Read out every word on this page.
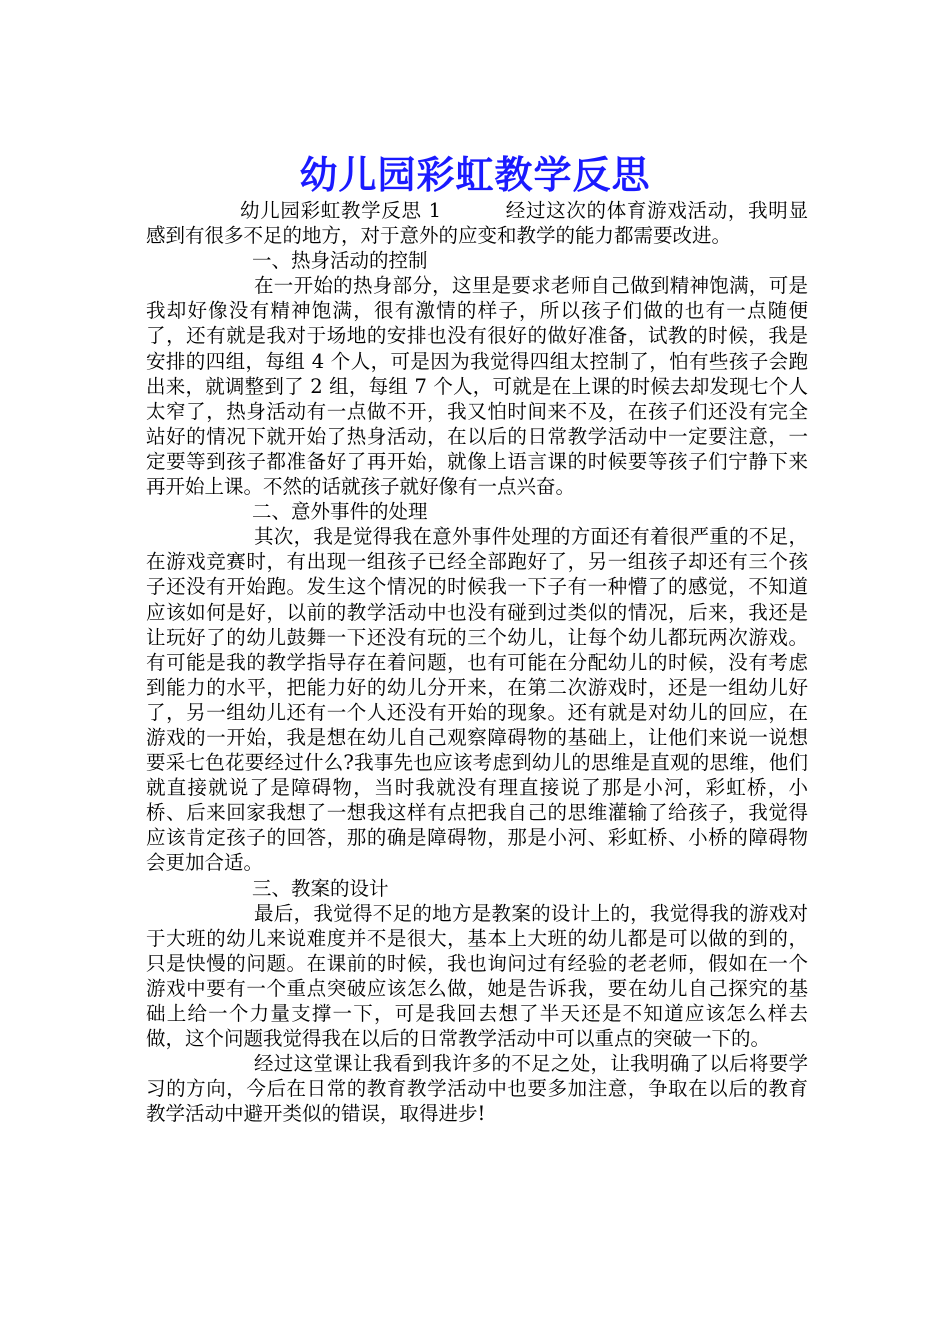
幼儿园彩虹教学反思

幼儿园彩虹教学反思 1	经过这次的体育游戏活动，我明显感到有很多不足的地方，对于意外的应变和教学的能力都需要改进。

一、热身活动的控制

在一开始的热身部分，这里是要求老师自己做到精神饱满，可是我却好像没有精神饱满，很有激情的样子，所以孩子们做的也有一点随便了，还有就是我对于场地的安排也没有很好的做好准备，试教的时候，我是安排的四组，每组 4 个人，可是因为我觉得四组太控制了，怕有些孩子会跑出来，就调整到了 2 组，每组 7 个人，可就是在上课的时候去却发现七个人太窄了，热身活动有一点做不开，我又怕时间来不及，在孩子们还没有完全站好的情况下就开始了热身活动，在以后的日常教学活动中一定要注意，一定要等到孩子都准备好了再开始，就像上语言课的时候要等孩子们宁静下来再开始上课。不然的话就孩子就好像有一点兴奋。

二、意外事件的处理

其次，我是觉得我在意外事件处理的方面还有着很严重的不足，在游戏竞赛时，有出现一组孩子已经全部跑好了，另一组孩子却还有三个孩子还没有开始跑。发生这个情况的时候我一下子有一种懵了的感觉，不知道应该如何是好，以前的教学活动中也没有碰到过类似的情况，后来，我还是让玩好了的幼儿鼓舞一下还没有玩的三个幼儿，让每个幼儿都玩两次游戏。有可能是我的教学指导存在着问题，也有可能在分配幼儿的时候，没有考虑到能力的水平，把能力好的幼儿分开来，在第二次游戏时，还是一组幼儿好了，另一组幼儿还有一个人还没有开始的现象。还有就是对幼儿的回应，在游戏的一开始，我是想在幼儿自己观察障碍物的基础上，让他们来说一说想要采七色花要经过什么?我事先也应该考虑到幼儿的思维是直观的思维，他们就直接就说了是障碍物，当时我就没有理直接说了那是小河，彩虹桥，小桥、后来回家我想了一想我这样有点把我自己的思维灌输了给孩子，我觉得应该肯定孩子的回答，那的确是障碍物，那是小河、彩虹桥、小桥的障碍物会更加合适。

三、教案的设计

最后，我觉得不足的地方是教案的设计上的，我觉得我的游戏对于大班的幼儿来说难度并不是很大，基本上大班的幼儿都是可以做的到的，只是快慢的问题。在课前的时候，我也询问过有经验的老老师，假如在一个游戏中要有一个重点突破应该怎么做，她是告诉我，要在幼儿自己探究的基础上给一个力量支撑一下，可是我回去想了半天还是不知道应该怎么样去做，这个问题我觉得我在以后的日常教学活动中可以重点的突破一下的。

经过这堂课让我看到我许多的不足之处，让我明确了以后将要学习的方向，今后在日常的教育教学活动中也要多加注意，争取在以后的教育教学活动中避开类似的错误，取得进步!
